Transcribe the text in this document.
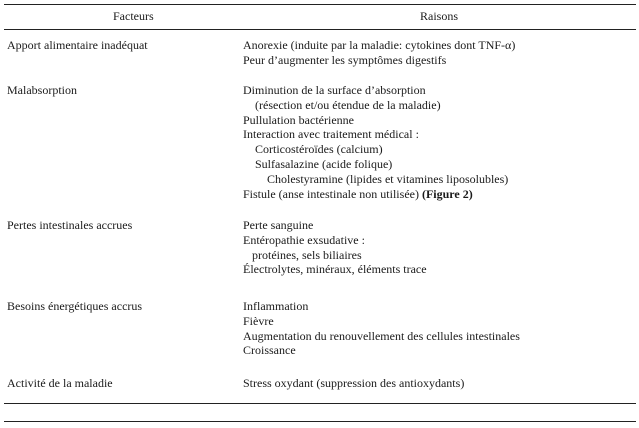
Facteurs	Raisons
Apport alimentaire inadéquat	Anorexie (induite par la maladie: cytokines dont TNF-α)
Peur d’augmenter les symptômes digestifs
Malabsorption	Diminution de la surface d’absorption
(résection et/ou étendue de la maladie)
Pullulation bactérienne
Interaction avec traitement médical :
Corticostéroïdes (calcium)
Sulfasalazine (acide folique)
Cholestyramine (lipides et vitamines liposolubles)
Fistule (anse intestinale non utilisée) (Figure 2)
Pertes intestinales accrues	Perte sanguine
Entéropathie exsudative :
protéines, sels biliaires
Électrolytes, minéraux, éléments trace
Besoins énergétiques accrus	Inflammation
Fièvre
Augmentation du renouvellement des cellules intestinales
Croissance
Activité de la maladie	Stress oxydant (suppression des antioxydants)
